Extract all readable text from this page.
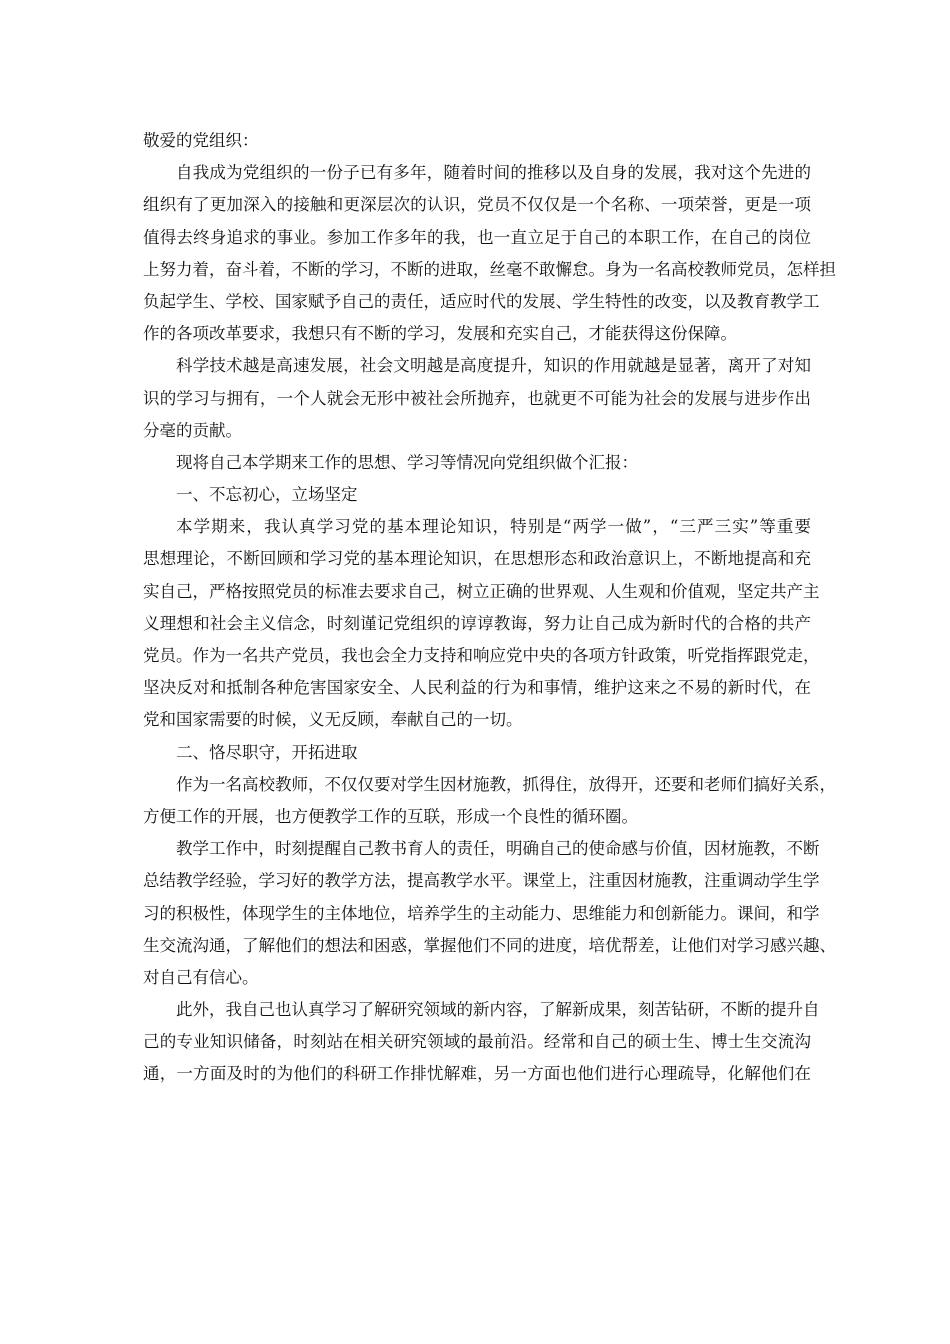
敬爱的党组织：

自我成为党组织的一份子已有多年，随着时间的推移以及自身的发展，我对这个先进的

组织有了更加深入的接触和更深层次的认识，党员不仅仅是一个名称、一项荣誉，更是一项

值得去终身追求的事业。参加工作多年的我，也一直立足于自己的本职工作，在自己的岗位

上努力着，奋斗着，不断的学习，不断的进取，丝毫不敢懈怠。身为一名高校教师党员，怎样担

负起学生、学校、国家赋予自己的责任，适应时代的发展、学生特性的改变，以及教育教学工

作的各项改革要求，我想只有不断的学习，发展和充实自己，才能获得这份保障。

科学技术越是高速发展，社会文明越是高度提升，知识的作用就越是显著，离开了对知

识的学习与拥有，一个人就会无形中被社会所抛弃，也就更不可能为社会的发展与进步作出

分毫的贡献。

现将自己本学期来工作的思想、学习等情况向党组织做个汇报：

一、不忘初心，立场坚定

本学期来，我认真学习党的基本理论知识，特别是“两学一做”，“三严三实”等重要

思想理论，不断回顾和学习党的基本理论知识，在思想形态和政治意识上，不断地提高和充

实自己，严格按照党员的标准去要求自己，树立正确的世界观、人生观和价值观，坚定共产主

义理想和社会主义信念，时刻谨记党组织的谆谆教诲，努力让自己成为新时代的合格的共产

党员。作为一名共产党员，我也会全力支持和响应党中央的各项方针政策，听党指挥跟党走，

坚决反对和抵制各种危害国家安全、人民利益的行为和事情，维护这来之不易的新时代，在

党和国家需要的时候，义无反顾，奉献自己的一切。

二、恪尽职守，开拓进取

作为一名高校教师，不仅仅要对学生因材施教，抓得住，放得开，还要和老师们搞好关系，

方便工作的开展，也方便教学工作的互联，形成一个良性的循环圈。

教学工作中，时刻提醒自己教书育人的责任，明确自己的使命感与价值，因材施教，不断

总结教学经验，学习好的教学方法，提高教学水平。课堂上，注重因材施教，注重调动学生学

习的积极性，体现学生的主体地位，培养学生的主动能力、思维能力和创新能力。课间，和学

生交流沟通，了解他们的想法和困惑，掌握他们不同的进度，培优帮差，让他们对学习感兴趣、

对自己有信心。

此外，我自己也认真学习了解研究领域的新内容，了解新成果，刻苦钻研，不断的提升自

己的专业知识储备，时刻站在相关研究领域的最前沿。经常和自己的硕士生、博士生交流沟

通，一方面及时的为他们的科研工作排忧解难，另一方面也他们进行心理疏导，化解他们在
